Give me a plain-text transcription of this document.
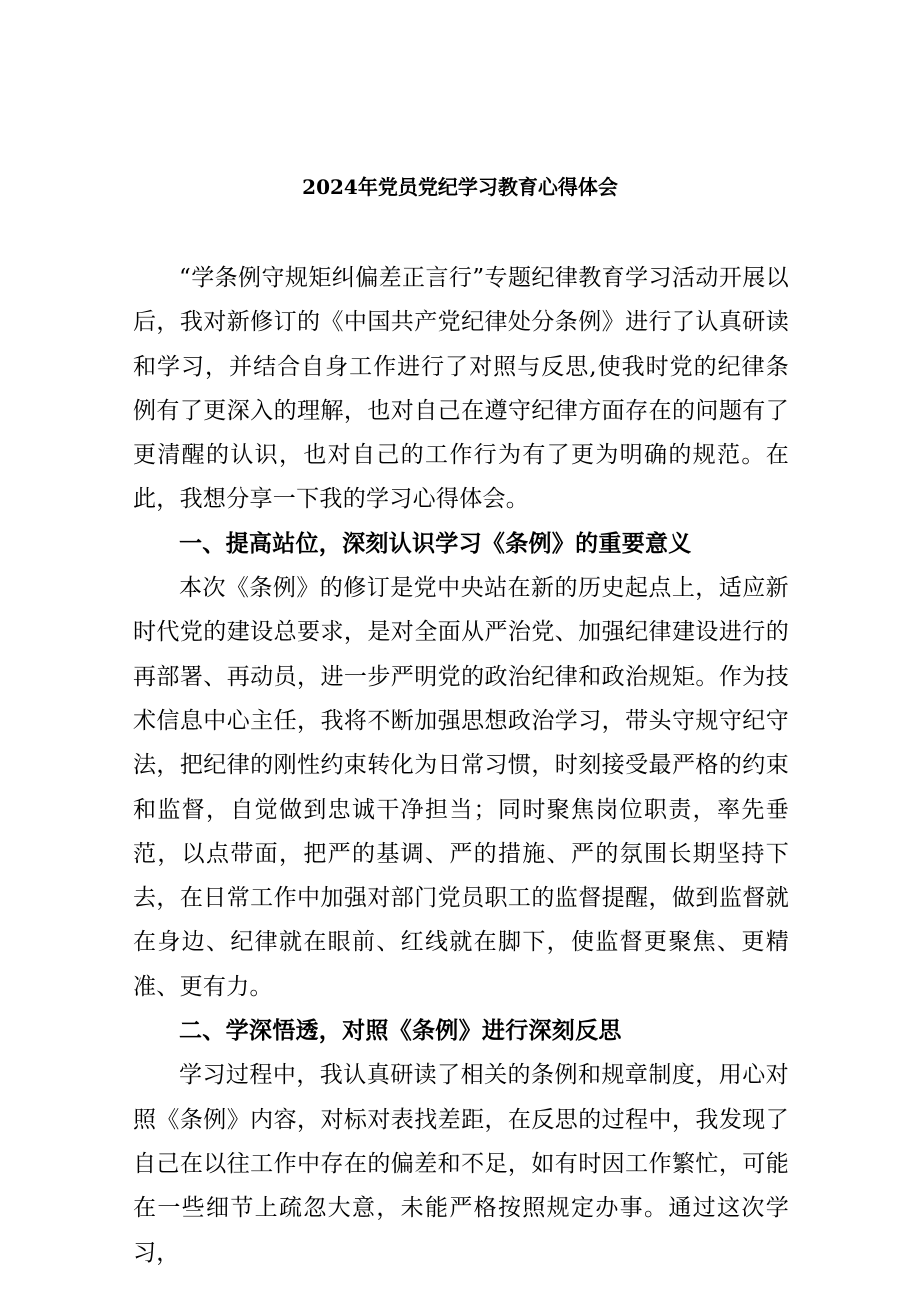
2024年党员党纪学习教育心得体会

“学条例守规矩纠偏差正言行”专题纪律教育学习活动开展以后，我对新修订的《中国共产党纪律处分条例》进行了认真研读和学习，并结合自身工作进行了对照与反思,使我时党的纪律条例有了更深入的理解，也对自己在遵守纪律方面存在的问题有了更清醒的认识，也对自己的工作行为有了更为明确的规范。在此，我想分享一下我的学习心得体会。

一、提高站位，深刻认识学习《条例》的重要意义

本次《条例》的修订是党中央站在新的历史起点上，适应新时代党的建设总要求，是对全面从严治党、加强纪律建设进行的再部署、再动员，进一步严明党的政治纪律和政治规矩。作为技术信息中心主任，我将不断加强思想政治学习，带头守规守纪守法，把纪律的刚性约束转化为日常习惯，时刻接受最严格的约束和监督，自觉做到忠诚干净担当；同时聚焦岗位职责，率先垂范，以点带面，把严的基调、严的措施、严的氛围长期坚持下去，在日常工作中加强对部门党员职工的监督提醒，做到监督就在身边、纪律就在眼前、红线就在脚下，使监督更聚焦、更精准、更有力。

二、学深悟透，对照《条例》进行深刻反思

学习过程中，我认真研读了相关的条例和规章制度，用心对照《条例》内容，对标对表找差距，在反思的过程中，我发现了自己在以往工作中存在的偏差和不足，如有时因工作繁忙，可能在一些细节上疏忽大意，未能严格按照规定办事。通过这次学习，
